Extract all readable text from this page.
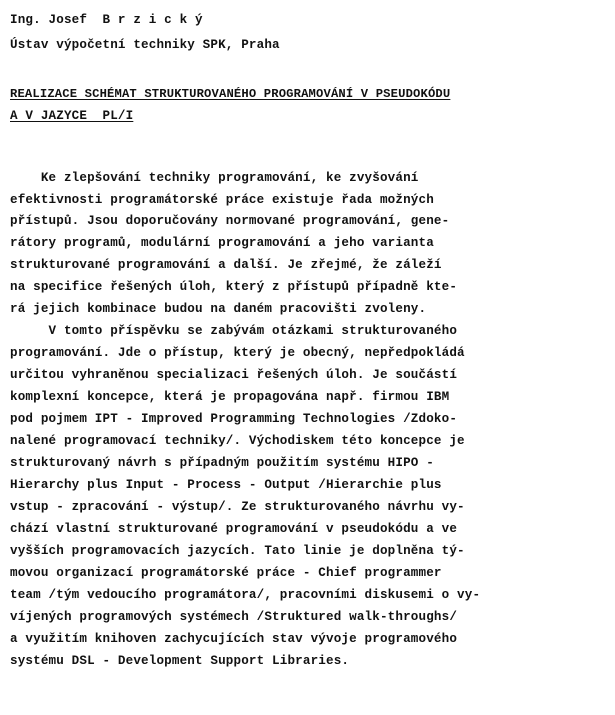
Ing. Josef  B r z i c k ý
Ústav výpočetní techniky SPK, Praha
REALIZACE SCHÉMAT STRUKTUROVANÉHO PROGRAMOVÁNÍ V PSEUDOKÓDU
A V JAZYCE  PL/I
Ke zlepšování techniky programování, ke zvyšování
efektivnosti programátorské práce existuje řada možných
přístupů. Jsou doporučovány normované programování, gene-
rátory programů, modulární programování a jeho varianta
strukturované programování a další. Je zřejmé, že záleží
na specifice řešených úloh, který z přístupů případně kte-
rá jejich kombinace budou na daném pracovišti zvoleny.
V tomto příspěvku se zabývám otázkami strukturovaného
programování. Jde o přístup, který je obecný, nepředpokládá
určitou vyhraněnou specializaci řešených úloh. Je součástí
komplexní koncepce, která je propagována např. firmou IBM
pod pojmem IPT - Improved Programming Technologies /Zdoko-
nalené programovací techniky/. Východiskem této koncepce je
strukturovaný návrh s případným použitím systému HIPO -
Hierarchy plus Input - Process - Output /Hierarchie plus
vstup - zpracování - výstup/. Ze strukturovaného návrhu vy-
chází vlastní strukturované programování v pseudokódu a ve
vyšších programovacích jazycích. Tato linie je doplněna tý-
movou organizací programátorské práce - Chief programmer
team /tým vedoucího programátora/, pracovními diskusemi o vy-
víjených programových systémech /Struktured walk-throughs/
a využitím knihoven zachycujících stav vývoje programového
systému DSL - Development Support Libraries.
